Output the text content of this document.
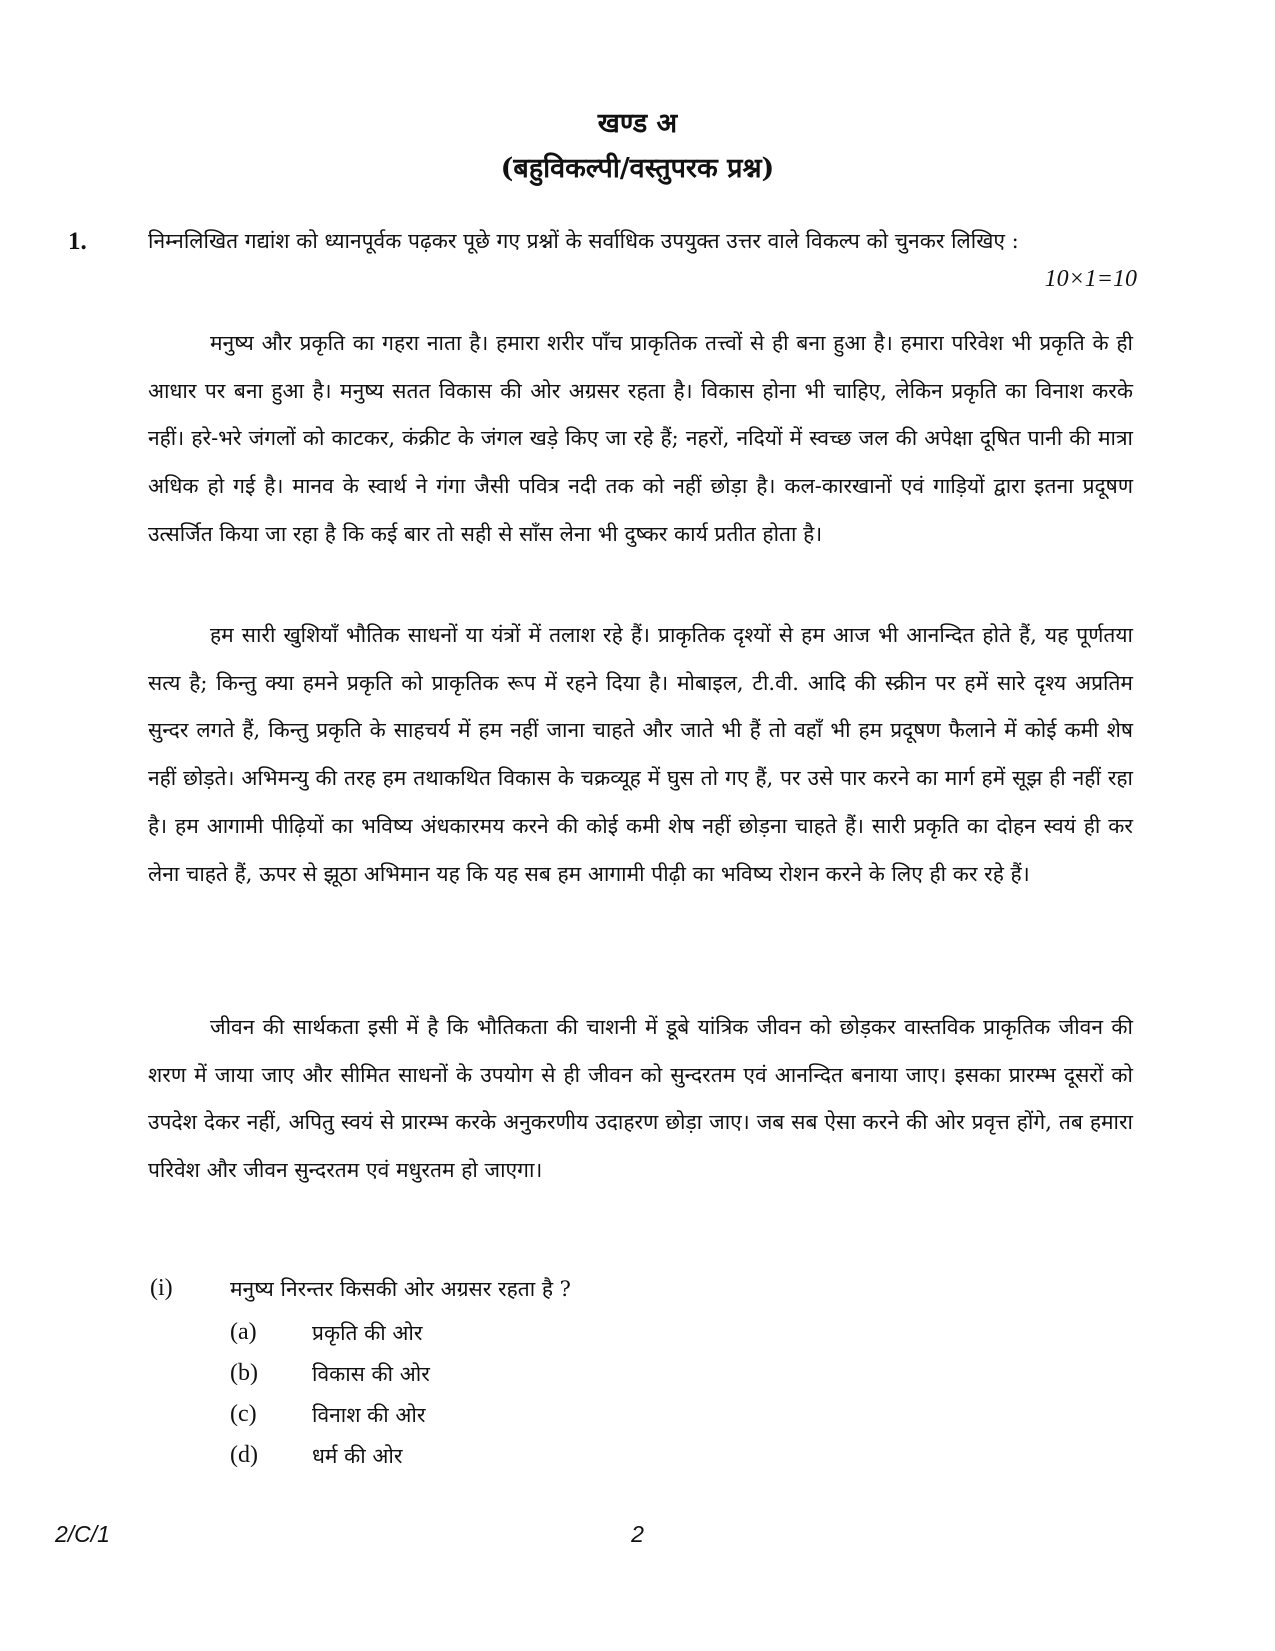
खण्ड अ
(बहुविकल्पी/वस्तुपरक प्रश्न)
1.	निम्नलिखित गद्यांश को ध्यानपूर्वक पढ़कर पूछे गए प्रश्नों के सर्वाधिक उपयुक्त उत्तर वाले विकल्प को चुनकर लिखिए :
10×1=10

मनुष्य और प्रकृति का गहरा नाता है। हमारा शरीर पाँच प्राकृतिक तत्त्वों से ही बना हुआ है। हमारा परिवेश भी प्रकृति के ही आधार पर बना हुआ है। मनुष्य सतत विकास की ओर अग्रसर रहता है। विकास होना भी चाहिए, लेकिन प्रकृति का विनाश करके नहीं। हरे-भरे जंगलों को काटकर, कंक्रीट के जंगल खड़े किए जा रहे हैं; नहरों, नदियों में स्वच्छ जल की अपेक्षा दूषित पानी की मात्रा अधिक हो गई है। मानव के स्वार्थ ने गंगा जैसी पवित्र नदी तक को नहीं छोड़ा है। कल-कारखानों एवं गाड़ियों द्वारा इतना प्रदूषण उत्सर्जित किया जा रहा है कि कई बार तो सही से साँस लेना भी दुष्कर कार्य प्रतीत होता है।

हम सारी खुशियाँ भौतिक साधनों या यंत्रों में तलाश रहे हैं। प्राकृतिक दृश्यों से हम आज भी आनन्दित होते हैं, यह पूर्णतया सत्य है; किन्तु क्या हमने प्रकृति को प्राकृतिक रूप में रहने दिया है। मोबाइल, टी.वी. आदि की स्क्रीन पर हमें सारे दृश्य अप्रतिम सुन्दर लगते हैं, किन्तु प्रकृति के साहचर्य में हम नहीं जाना चाहते और जाते भी हैं तो वहाँ भी हम प्रदूषण फैलाने में कोई कमी शेष नहीं छोड़ते। अभिमन्यु की तरह हम तथाकथित विकास के चक्रव्यूह में घुस तो गए हैं, पर उसे पार करने का मार्ग हमें सूझ ही नहीं रहा है। हम आगामी पीढ़ियों का भविष्य अंधकारमय करने की कोई कमी शेष नहीं छोड़ना चाहते हैं। सारी प्रकृति का दोहन स्वयं ही कर लेना चाहते हैं, ऊपर से झूठा अभिमान यह कि यह सब हम आगामी पीढ़ी का भविष्य रोशन करने के लिए ही कर रहे हैं।

जीवन की सार्थकता इसी में है कि भौतिकता की चाशनी में डूबे यांत्रिक जीवन को छोड़कर वास्तविक प्राकृतिक जीवन की शरण में जाया जाए और सीमित साधनों के उपयोग से ही जीवन को सुन्दरतम एवं आनन्दित बनाया जाए। इसका प्रारम्भ दूसरों को उपदेश देकर नहीं, अपितु स्वयं से प्रारम्भ करके अनुकरणीय उदाहरण छोड़ा जाए। जब सब ऐसा करने की ओर प्रवृत्त होंगे, तब हमारा परिवेश और जीवन सुन्दरतम एवं मधुरतम हो जाएगा।

(i)	मनुष्य निरन्तर किसकी ओर अग्रसर रहता है ?
(a)	प्रकृति की ओर
(b)	विकास की ओर
(c)	विनाश की ओर
(d)	धर्म की ओर
2/C/1	2
